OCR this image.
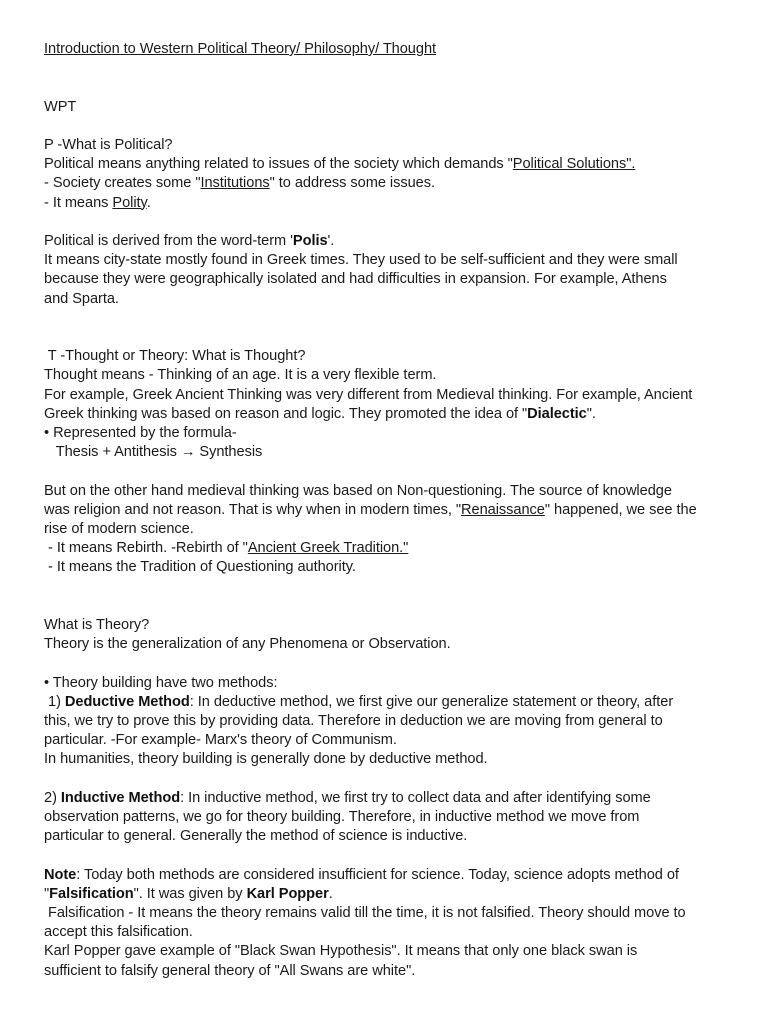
Introduction to Western Political Theory/ Philosophy/ Thought
WPT
P -What is Political?
Political means anything related to issues of the society which demands "Political Solutions".
- Society creates some "Institutions" to address some issues.
- It means Polity.
Political is derived from the word-term 'Polis'.
It means city-state mostly found in Greek times. They used to be self-sufficient and they were small
because they were geographically isolated and had difficulties in expansion. For example, Athens
and Sparta.
T -Thought or Theory: What is Thought?
Thought means - Thinking of an age. It is a very flexible term.
For example, Greek Ancient Thinking was very different from Medieval thinking. For example, Ancient
Greek thinking was based on reason and logic. They promoted the idea of "Dialectic".
• Represented by the formula-
Thesis + Antithesis → Synthesis
But on the other hand medieval thinking was based on Non-questioning. The source of knowledge
was religion and not reason. That is why when in modern times, "Renaissance" happened, we see the
rise of modern science.
- It means Rebirth. -Rebirth of "Ancient Greek Tradition."
- It means the Tradition of Questioning authority.
What is Theory?
Theory is the generalization of any Phenomena or Observation.
• Theory building have two methods:
1) Deductive Method: In deductive method, we first give our generalize statement or theory, after
this, we try to prove this by providing data. Therefore in deduction we are moving from general to
particular. -For example- Marx's theory of Communism.
In humanities, theory building is generally done by deductive method.
2) Inductive Method: In inductive method, we first try to collect data and after identifying some
observation patterns, we go for theory building. Therefore, in inductive method we move from
particular to general. Generally the method of science is inductive.
Note: Today both methods are considered insufficient for science. Today, science adopts method of
"Falsification". It was given by Karl Popper.
Falsification - It means the theory remains valid till the time, it is not falsified. Theory should move to
accept this falsification.
Karl Popper gave example of "Black Swan Hypothesis". It means that only one black swan is
sufficient to falsify general theory of "All Swans are white".
